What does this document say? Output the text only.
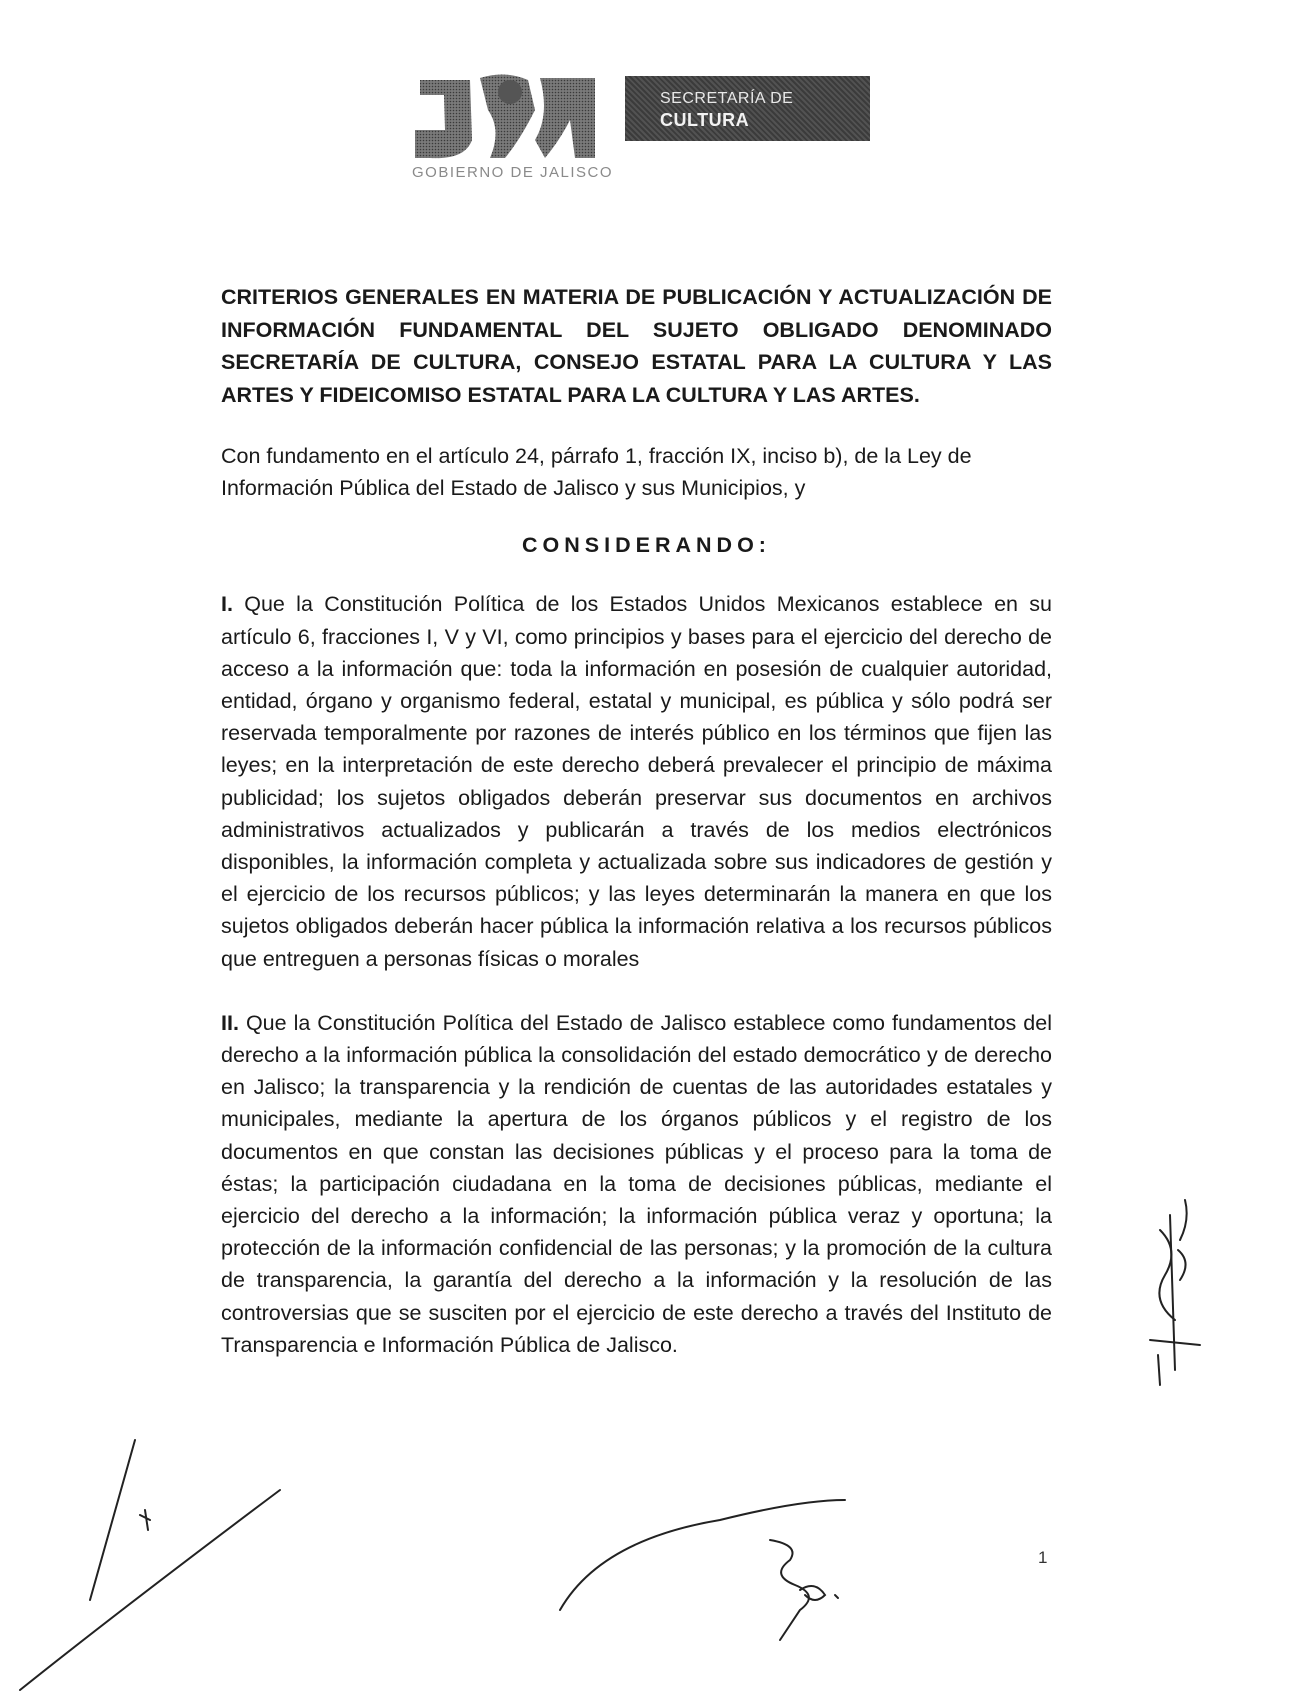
SECRETARÍA DE
CULTURA
GOBIERNO DE JALISCO

CRITERIOS GENERALES EN MATERIA DE PUBLICACIÓN Y ACTUALIZACIÓN DE INFORMACIÓN FUNDAMENTAL DEL SUJETO OBLIGADO DENOMINADO SECRETARÍA DE CULTURA, CONSEJO ESTATAL PARA LA CULTURA Y LAS ARTES Y FIDEICOMISO ESTATAL PARA LA CULTURA Y LAS ARTES.

Con fundamento en el artículo 24, párrafo 1, fracción IX, inciso b), de la Ley de Información Pública del Estado de Jalisco y sus Municipios, y

CONSIDERANDO:

I. Que la Constitución Política de los Estados Unidos Mexicanos establece en su artículo 6, fracciones I, V y VI, como principios y bases para el ejercicio del derecho de acceso a la información que: toda la información en posesión de cualquier autoridad, entidad, órgano y organismo federal, estatal y municipal, es pública y sólo podrá ser reservada temporalmente por razones de interés público en los términos que fijen las leyes; en la interpretación de este derecho deberá prevalecer el principio de máxima publicidad; los sujetos obligados deberán preservar sus documentos en archivos administrativos actualizados y publicarán a través de los medios electrónicos disponibles, la información completa y actualizada sobre sus indicadores de gestión y el ejercicio de los recursos públicos; y las leyes determinarán la manera en que los sujetos obligados deberán hacer pública la información relativa a los recursos públicos que entreguen a personas físicas o morales

II. Que la Constitución Política del Estado de Jalisco establece como fundamentos del derecho a la información pública la consolidación del estado democrático y de derecho en Jalisco; la transparencia y la rendición de cuentas de las autoridades estatales y municipales, mediante la apertura de los órganos públicos y el registro de los documentos en que constan las decisiones públicas y el proceso para la toma de éstas; la participación ciudadana en la toma de decisiones públicas, mediante el ejercicio del derecho a la información; la información pública veraz y oportuna; la protección de la información confidencial de las personas; y la promoción de la cultura de transparencia, la garantía del derecho a la información y la resolución de las controversias que se susciten por el ejercicio de este derecho a través del Instituto de Transparencia e Información Pública de Jalisco.

1
